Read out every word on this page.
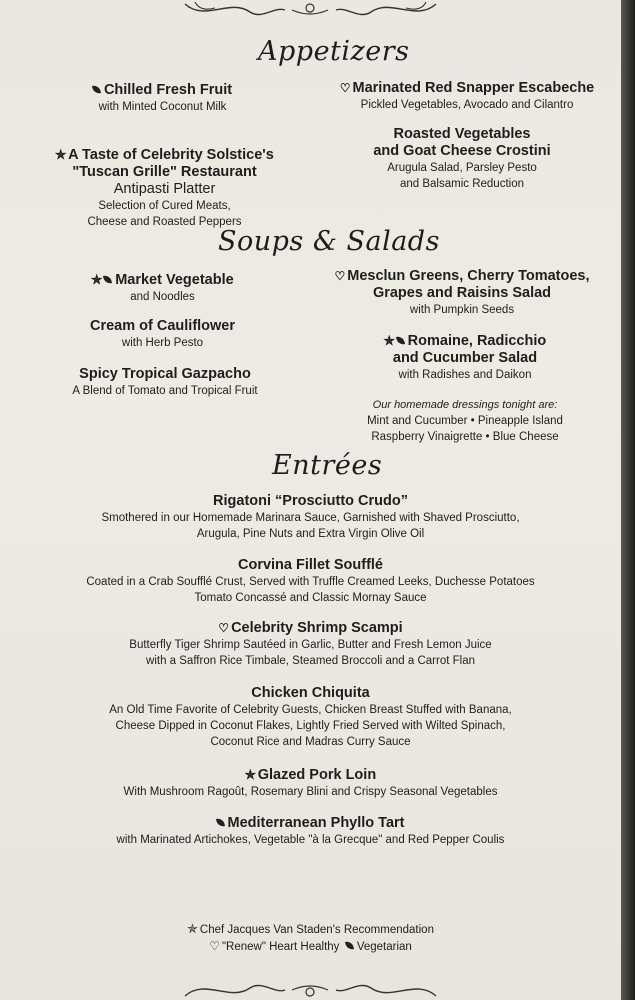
Appetizers
Chilled Fresh Fruit
with Minted Coconut Milk
♡ Marinated Red Snapper Escabeche
Pickled Vegetables, Avocado and Cilantro
Roasted Vegetables
and Goat Cheese Crostini
Arugula Salad, Parsley Pesto
and Balsamic Reduction
✯ A Taste of Celebrity Solstice's
"Tuscan Grille" Restaurant
Antipasti Platter
Selection of Cured Meats,
Cheese and Roasted Peppers
Soups & Salads
✯ Market Vegetable
and Noodles
♡ Mesclun Greens, Cherry Tomatoes,
Grapes and Raisins Salad
with Pumpkin Seeds
Cream of Cauliflower
with Herb Pesto	✯ Romaine, Radicchio
and Cucumber Salad
with Radishes and Daikon
Spicy Tropical Gazpacho
A Blend of Tomato and Tropical Fruit
Our homemade dressings tonight are:
Mint and Cucumber • Pineapple Island
Raspberry Vinaigrette • Blue Cheese
Entrées
Rigatoni “Prosciutto Crudo”
Smothered in our Homemade Marinara Sauce, Garnished with Shaved Prosciutto,
Arugula, Pine Nuts and Extra Virgin Olive Oil
Corvina Fillet Soufflé
Coated in a Crab Soufflé Crust, Served with Truffle Creamed Leeks, Duchesse Potatoes
Tomato Concassé and Classic Mornay Sauce
♡ Celebrity Shrimp Scampi
Butterfly Tiger Shrimp Sautéed in Garlic, Butter and Fresh Lemon Juice
with a Saffron Rice Timbale, Steamed Broccoli and a Carrot Flan
Chicken Chiquita
An Old Time Favorite of Celebrity Guests, Chicken Breast Stuffed with Banana,
Cheese Dipped in Coconut Flakes, Lightly Fried Served with Wilted Spinach,
Coconut Rice and Madras Curry Sauce
✯ Glazed Pork Loin
With Mushroom Ragoût, Rosemary Blini and Crispy Seasonal Vegetables
Mediterranean Phyllo Tart
with Marinated Artichokes, Vegetable "à la Grecque" and Red Pepper Coulis
✯ Chef Jacques Van Staden's Recommendation
♡ "Renew" Heart Healthy Vegetarian
